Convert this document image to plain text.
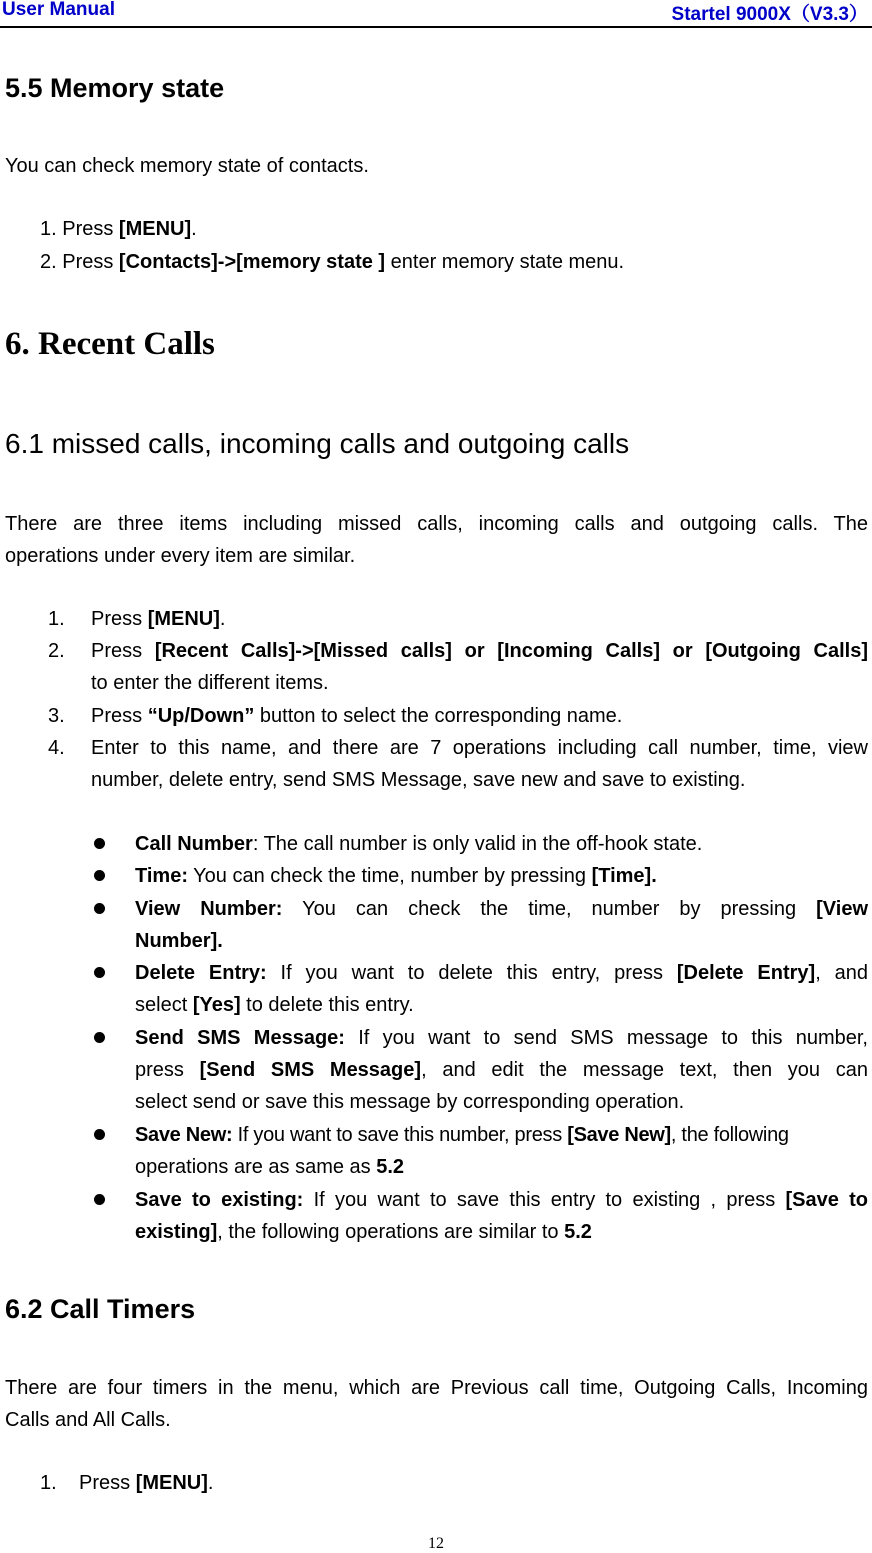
User Manual	Startel 9000X（V3.3）
5.5 Memory state
You can check memory state of contacts.
1. Press [MENU].
2. Press [Contacts]->[memory state ] enter memory state menu.
6. Recent Calls
6.1 missed calls, incoming calls and outgoing calls
There are three items including missed calls, incoming calls and outgoing calls. The
operations under every item are similar.
1. Press [MENU].
2. Press [Recent Calls]->[Missed calls] or [Incoming Calls] or [Outgoing Calls]
to enter the different items.
3. Press “Up/Down” button to select the corresponding name.
4. Enter to this name, and there are 7 operations including call number, time, view
number, delete entry, send SMS Message, save new and save to existing.
Call Number: The call number is only valid in the off-hook state.
Time: You can check the time, number by pressing [Time].
View Number: You can check the time, number by pressing [View
Number].
Delete Entry: If you want to delete this entry, press [Delete Entry], and
select [Yes] to delete this entry.
Send SMS Message: If you want to send SMS message to this number,
press [Send SMS Message], and edit the message text, then you can
select send or save this message by corresponding operation.
Save New: If you want to save this number, press [Save New], the following
operations are as same as 5.2
Save to existing: If you want to save this entry to existing , press [Save to
existing], the following operations are similar to 5.2
6.2 Call Timers
There are four timers in the menu, which are Previous call time, Outgoing Calls, Incoming
Calls and All Calls.
1. Press [MENU].
12
